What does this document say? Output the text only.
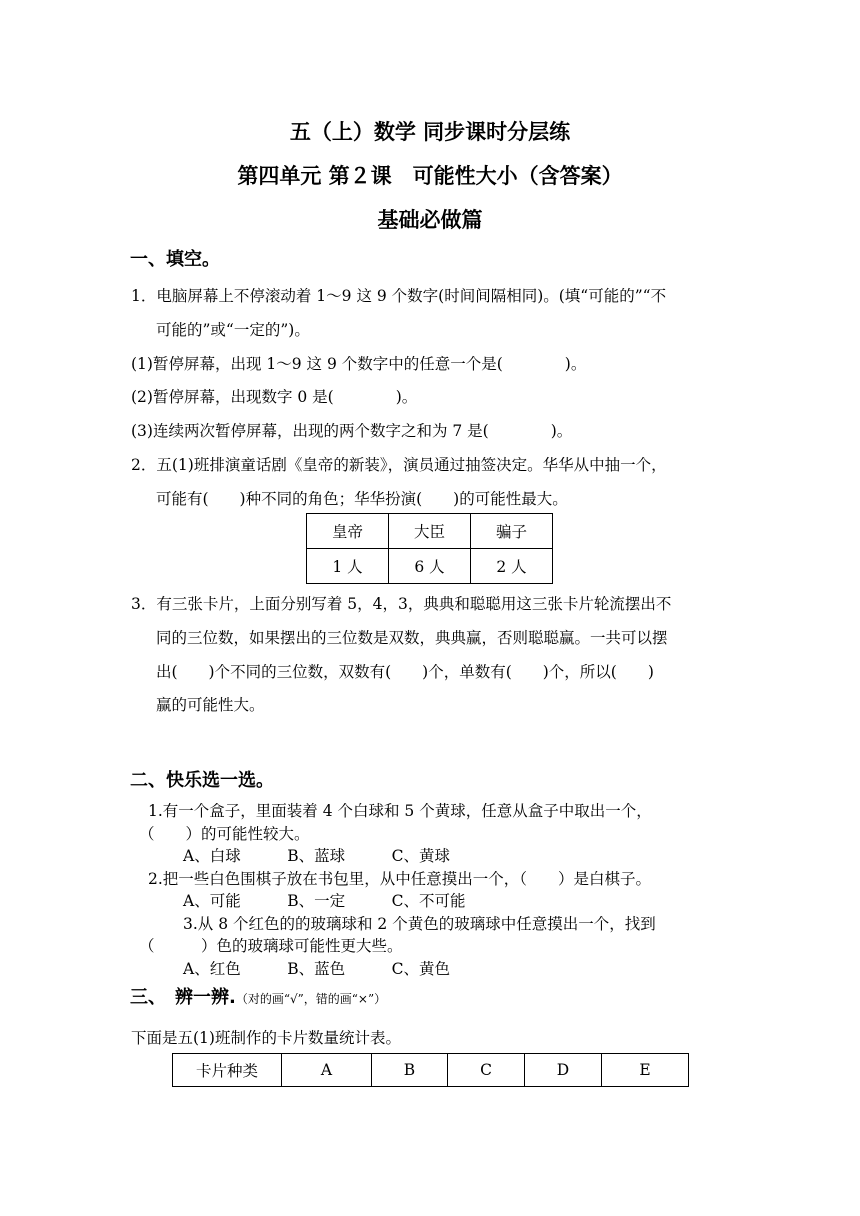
五（上）数学 同步课时分层练
第四单元 第２课　可能性大小（含答案）
基础必做篇
一、填空。
1．电脑屏幕上不停滚动着 1～9 这 9 个数字(时间间隔相同)。(填“可能的”“不
可能的”或“一定的”)。
(1)暂停屏幕，出现 1～9 这 9 个数字中的任意一个是(　　　　)。
(2)暂停屏幕，出现数字 0 是(　　　　)。
(3)连续两次暂停屏幕，出现的两个数字之和为 7 是(　　　　)。
2．五(1)班排演童话剧《皇帝的新装》，演员通过抽签决定。华华从中抽一个，
可能有(　　)种不同的角色；华华扮演(　　)的可能性最大。
皇帝	大臣	骗子
1 人	6 人	2 人
3．有三张卡片，上面分别写着 5，4，3，典典和聪聪用这三张卡片轮流摆出不
同的三位数，如果摆出的三位数是双数，典典赢，否则聪聪赢。一共可以摆
出(　　)个不同的三位数，双数有(　　)个，单数有(　　)个，所以(　　)
赢的可能性大。
二、快乐选一选。
1.有一个盒子，里面装着 4 个白球和 5 个黄球，任意从盒子中取出一个，
（　　）的可能性较大。
A、白球　　　B、蓝球　　　C、黄球
2.把一些白色围棋子放在书包里，从中任意摸出一个，（　　）是白棋子。
A、可能　　　B、一定　　　C、不可能
3.从 8 个红色的的玻璃球和 2 个黄色的玻璃球中任意摸出一个，找到
（　　　）色的玻璃球可能性更大些。
A、红色　　　B、蓝色　　　C、黄色
三、　辨一辨.（对的画“√”，错的画“×”）
下面是五(1)班制作的卡片数量统计表。
卡片种类	A	B	C	D	E
